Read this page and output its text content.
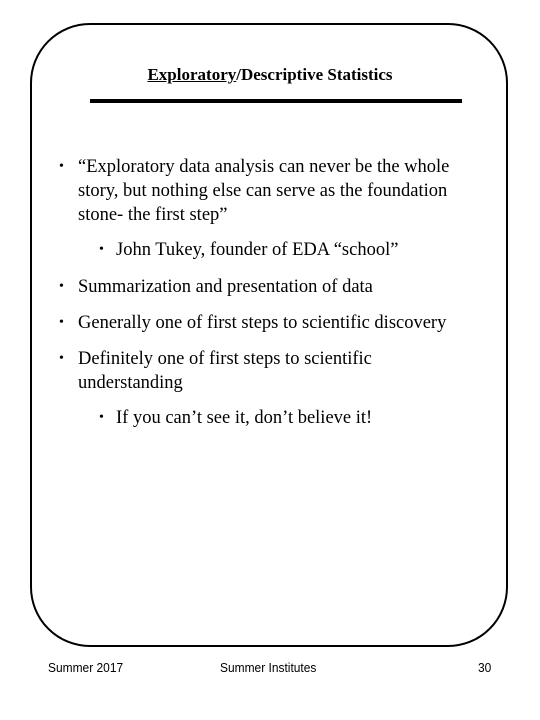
Exploratory/Descriptive Statistics
• “Exploratory data analysis can never be the whole
story, but nothing else can serve as the foundation
stone- the first step”
• John Tukey, founder of EDA “school”
• Summarization and presentation of data
• Generally one of first steps to scientific discovery
• Definitely one of first steps to scientific
understanding
• If you can’t see it, don’t believe it!
Summer 2017	Summer Institutes	30
